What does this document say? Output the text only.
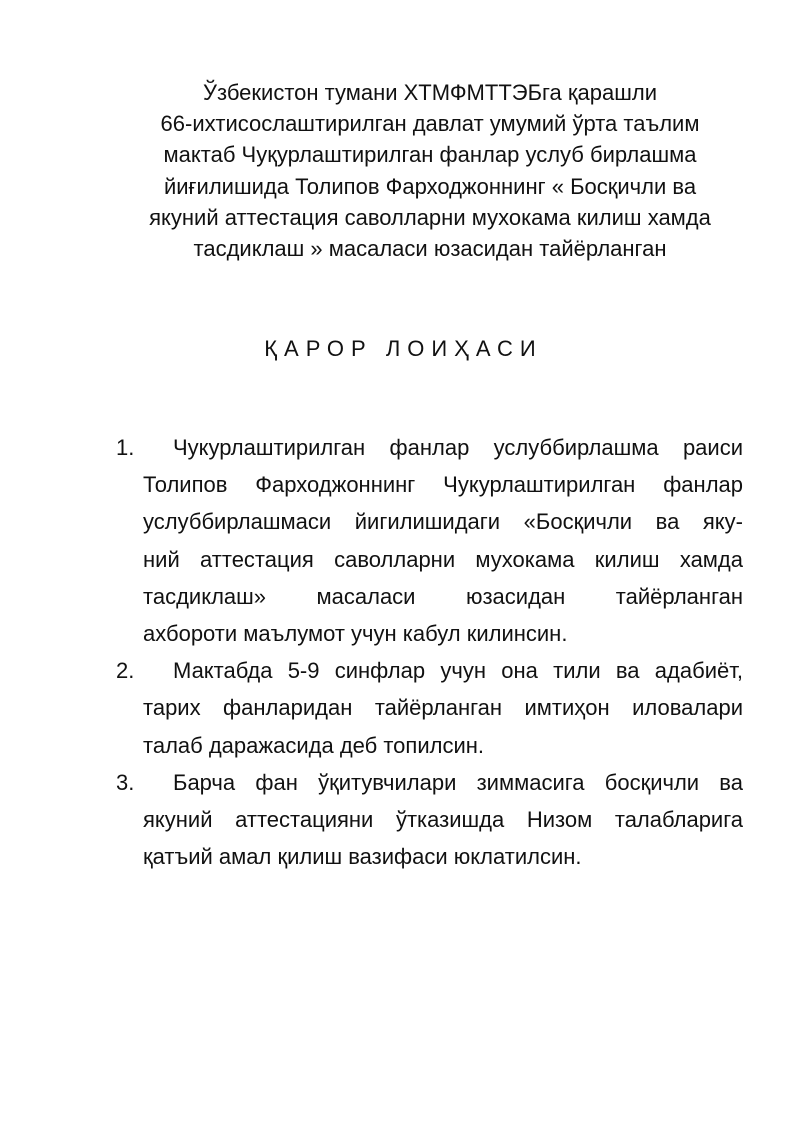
Ўзбекистон тумани ХТМФМТТЭБга қарашли
66-ихтисослаштирилган давлат умумий ўрта таълим
мактаб Чуқурлаштирилган фанлар услуб бирлашма
йиғилишида Толипов Фарходжоннинг « Босқичли ва
якуний аттестация саволларни мухокама килиш хамда
тасдиклаш » масаласи юзасидан тайёрланган
ҚАРОР ЛОИҲАСИ
1.	Чукурлаштирилган фанлар услуббирлашма раиси
Толипов Фарходжоннинг Чукурлаштирилган фанлар
услуббирлашмаси йигилишидаги «Босқичли ва яку-
ний аттестация саволларни мухокама килиш хамда
тасдиклаш» масаласи юзасидан тайёрланган
ахбороти маълумот учун кабул килинсин.
2.	Мактабда 5-9 синфлар учун она тили ва адабиёт,
тарих фанларидан тайёрланган имтиҳон иловалари
талаб даражасида деб топилсин.
3.	Барча фан ўқитувчилари зиммасига босқичли ва
якуний аттестацияни ўтказишда Низом талабларига
қатъий амал қилиш вазифаси юклатилсин.
